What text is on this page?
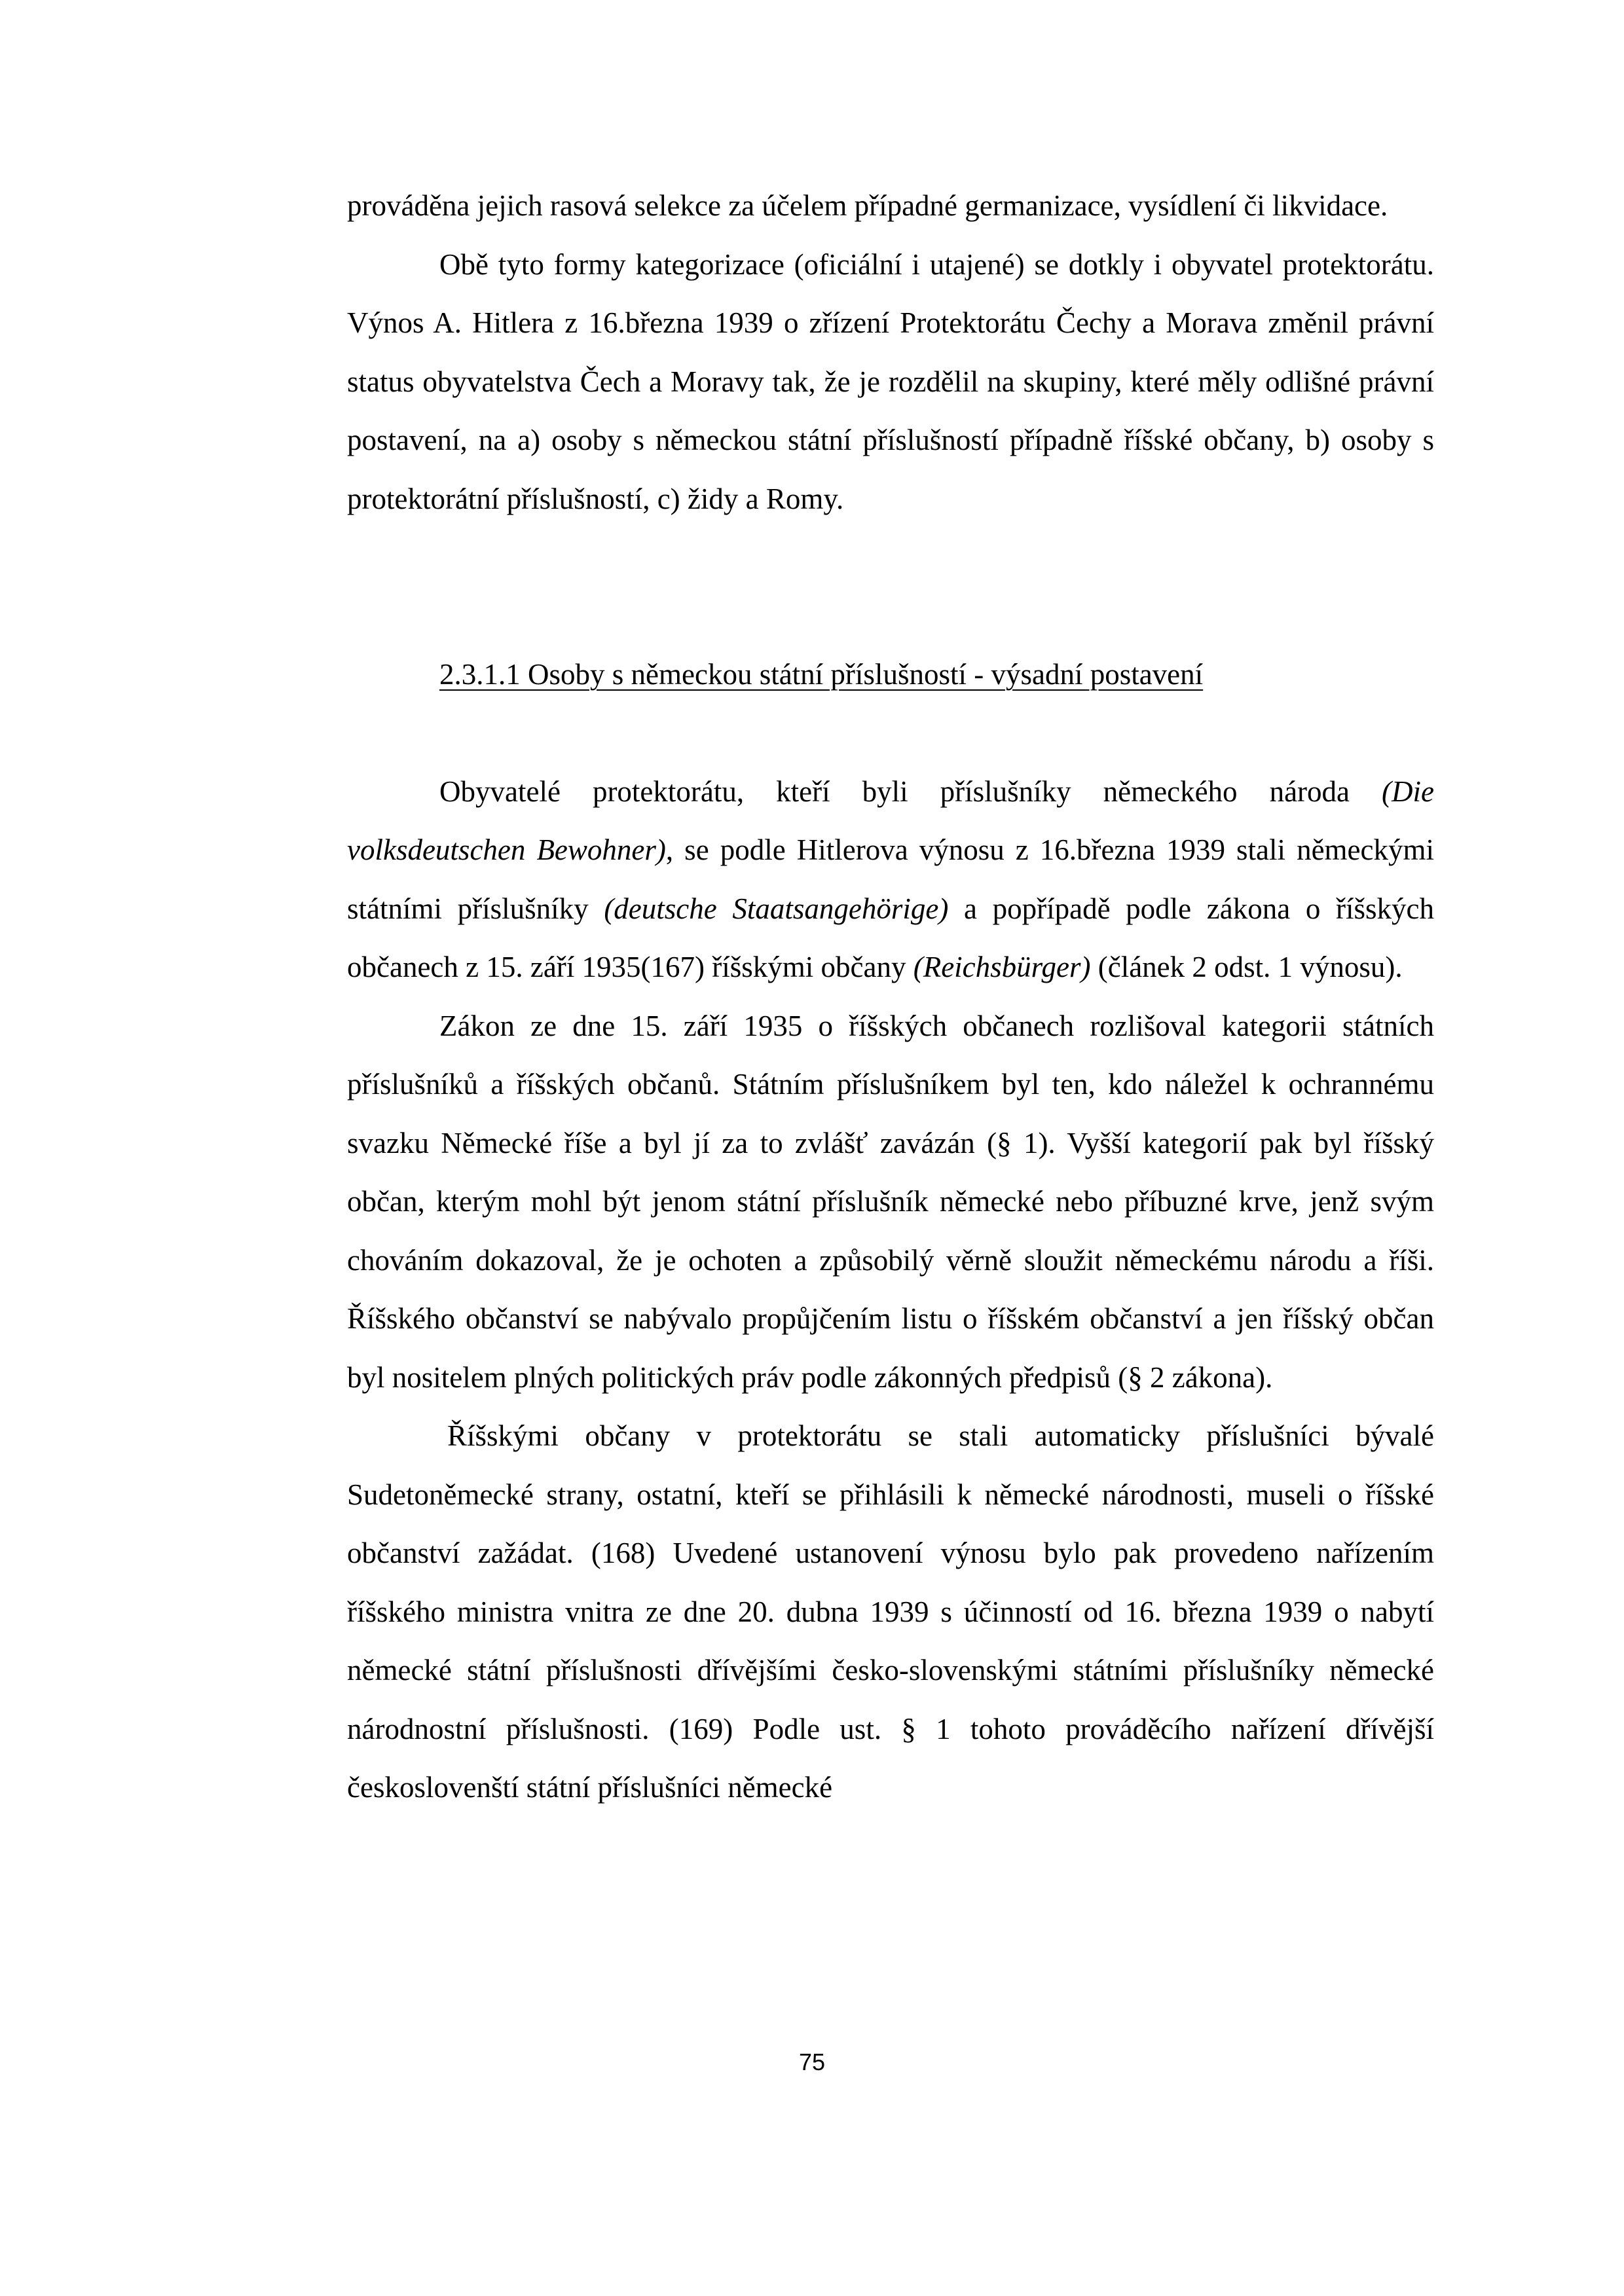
prováděna jejich rasová selekce za účelem případné germanizace, vysídlení či likvidace.

Obě tyto formy kategorizace (oficiální i utajené) se dotkly i obyvatel protektorátu. Výnos A. Hitlera z 16.března 1939 o zřízení Protektorátu Čechy a Morava změnil právní status obyvatelstva Čech a Moravy tak, že je rozdělil na skupiny, které měly odlišné právní postavení, na a) osoby s německou státní příslušností případně říšské občany, b) osoby s protektorátní příslušností, c) židy a Romy.

2.3.1.1 Osoby s německou státní příslušností - výsadní postavení

Obyvatelé protektorátu, kteří byli příslušníky německého národa (Die volksdeutschen Bewohner), se podle Hitlerova výnosu z 16.března 1939 stali německými státními příslušníky (deutsche Staatsangehörige) a popřípadě podle zákona o říšských občanech z 15. září 1935(167) říšskými občany (Reichsbürger) (článek 2 odst. 1 výnosu).

Zákon ze dne 15. září 1935 o říšských občanech rozlišoval kategorii státních příslušníků a říšských občanů. Státním příslušníkem byl ten, kdo náležel k ochrannému svazku Německé říše a byl jí za to zvlášť zavázán (§ 1). Vyšší kategorií pak byl říšský občan, kterým mohl být jenom státní příslušník německé nebo příbuzné krve, jenž svým chováním dokazoval, že je ochoten a způsobilý věrně sloužit německému národu a říši. Říšského občanství se nabývalo propůjčením listu o říšském občanství a jen říšský občan byl nositelem plných politických práv podle zákonných předpisů (§ 2 zákona).

Říšskými občany v protektorátu se stali automaticky příslušníci bývalé Sudetoněmecké strany, ostatní, kteří se přihlásili k německé národnosti, museli o říšské občanství zažádat. (168) Uvedené ustanovení výnosu bylo pak provedeno nařízením říšského ministra vnitra ze dne 20. dubna 1939 s účinností od 16. března 1939 o nabytí německé státní příslušnosti dřívějšími česko-slovenskými státními příslušníky německé národnostní příslušnosti. (169) Podle ust. § 1 tohoto prováděcího nařízení dřívější českoslovenští státní příslušníci německé

75
